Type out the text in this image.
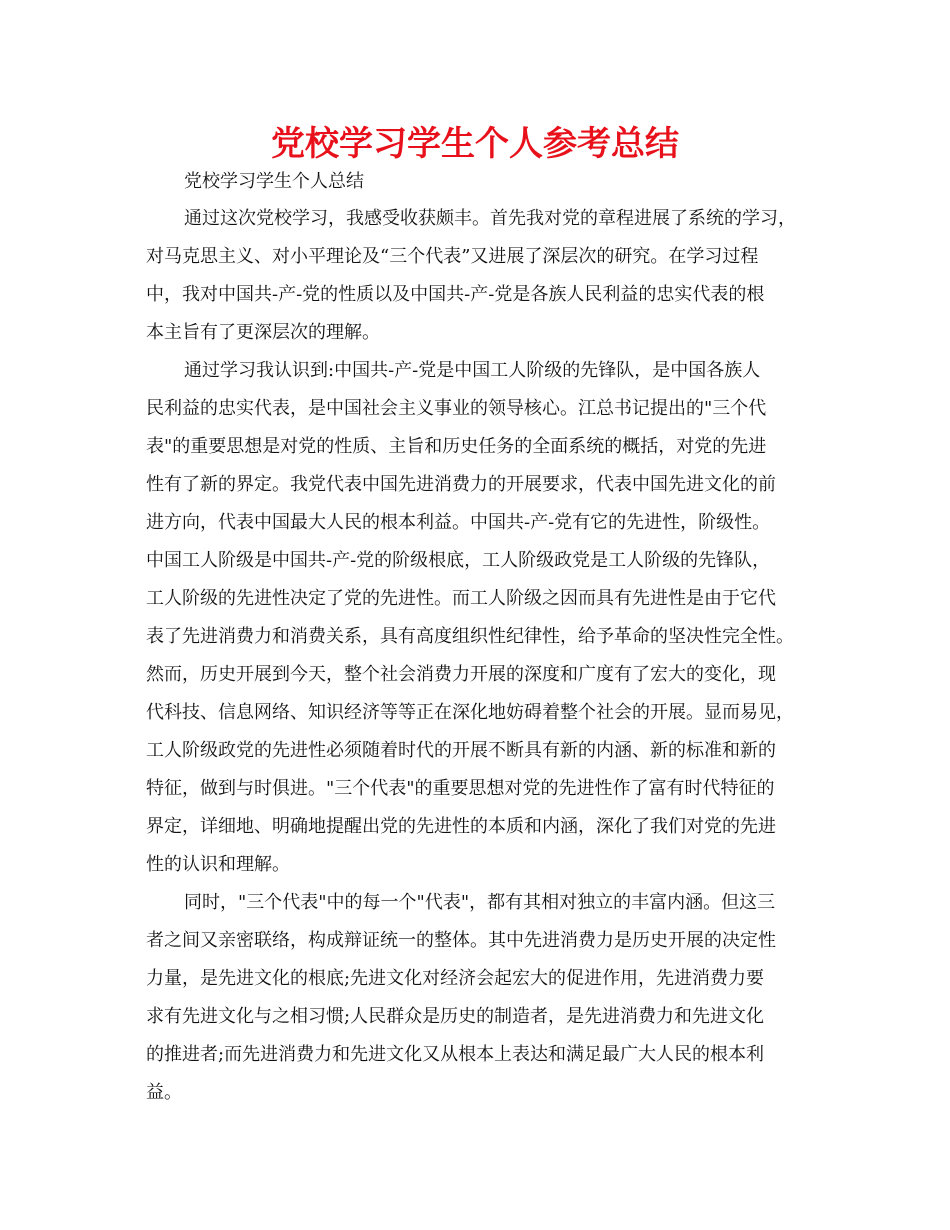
党校学习学生个人参考总结
党校学习学生个人总结
通过这次党校学习，我感受收获颇丰。首先我对党的章程进展了系统的学习，
对马克思主义、对小平理论及“三个代表”又进展了深层次的研究。在学习过程
中，我对中国共-产-党的性质以及中国共-产-党是各族人民利益的忠实代表的根
本主旨有了更深层次的理解。
通过学习我认识到:中国共-产-党是中国工人阶级的先锋队，是中国各族人
民利益的忠实代表，是中国社会主义事业的领导核心。江总书记提出的"三个代
表"的重要思想是对党的性质、主旨和历史任务的全面系统的概括，对党的先进
性有了新的界定。我党代表中国先进消费力的开展要求，代表中国先进文化的前
进方向，代表中国最大人民的根本利益。中国共-产-党有它的先进性，阶级性。
中国工人阶级是中国共-产-党的阶级根底，工人阶级政党是工人阶级的先锋队，
工人阶级的先进性决定了党的先进性。而工人阶级之因而具有先进性是由于它代
表了先进消费力和消费关系，具有高度组织性纪律性，给予革命的坚决性完全性。
然而，历史开展到今天，整个社会消费力开展的深度和广度有了宏大的变化，现
代科技、信息网络、知识经济等等正在深化地妨碍着整个社会的开展。显而易见，
工人阶级政党的先进性必须随着时代的开展不断具有新的内涵、新的标准和新的
特征，做到与时俱进。"三个代表"的重要思想对党的先进性作了富有时代特征的
界定，详细地、明确地提醒出党的先进性的本质和内涵，深化了我们对党的先进
性的认识和理解。
同时，"三个代表"中的每一个"代表"，都有其相对独立的丰富内涵。但这三
者之间又亲密联络，构成辩证统一的整体。其中先进消费力是历史开展的决定性
力量，是先进文化的根底;先进文化对经济会起宏大的促进作用，先进消费力要
求有先进文化与之相习惯;人民群众是历史的制造者，是先进消费力和先进文化
的推进者;而先进消费力和先进文化又从根本上表达和满足最广大人民的根本利
益。
